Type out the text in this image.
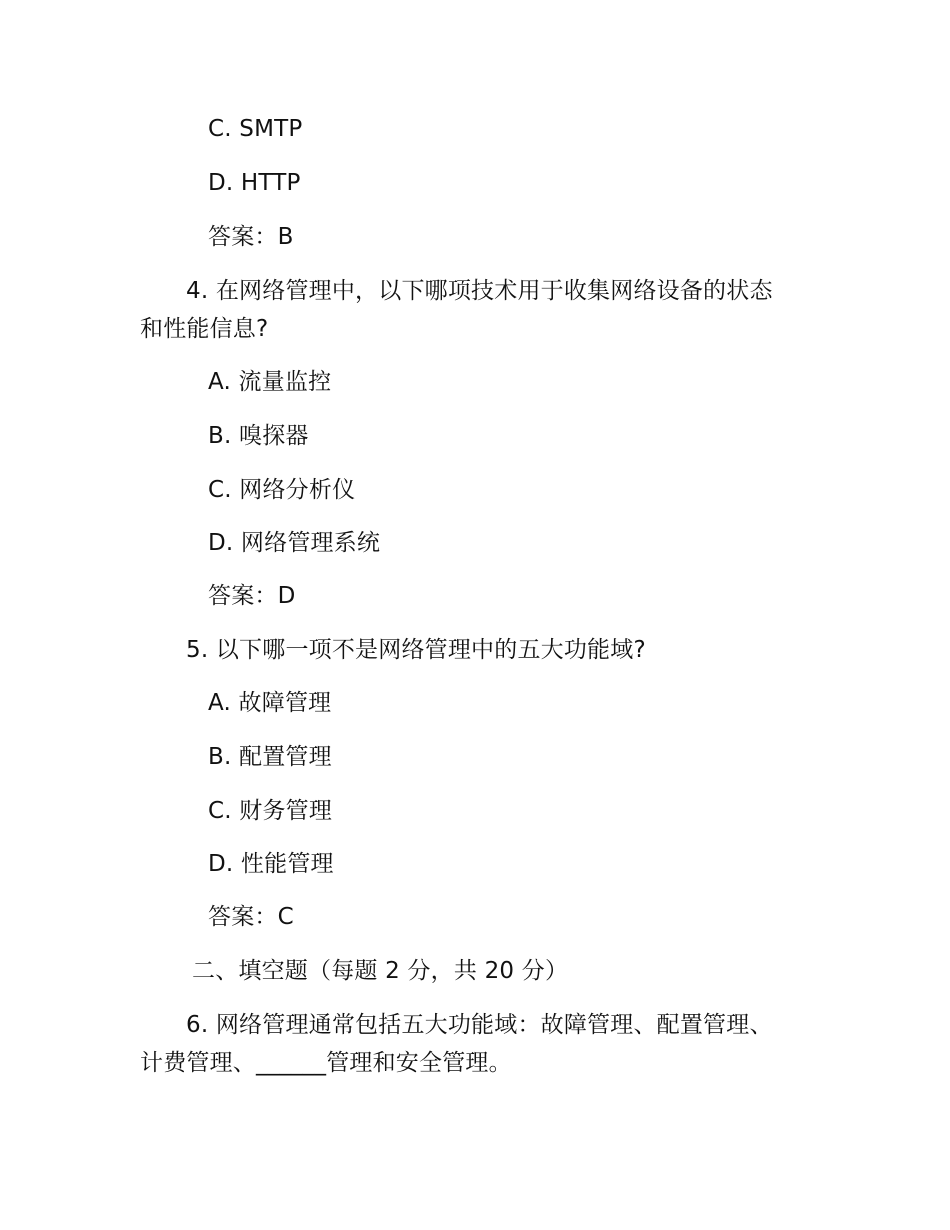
C. SMTP
D. HTTP
答案：B
4. 在网络管理中，以下哪项技术用于收集网络设备的状态
和性能信息?
A. 流量监控
B. 嗅探器
C. 网络分析仪
D. 网络管理系统
答案：D
5. 以下哪一项不是网络管理中的五大功能域?
A. 故障管理
B. 配置管理
C. 财务管理
D. 性能管理
答案：C
二、填空题（每题 2 分，共 20 分）
6. 网络管理通常包括五大功能域：故障管理、配置管理、
计费管理、______管理和安全管理。
